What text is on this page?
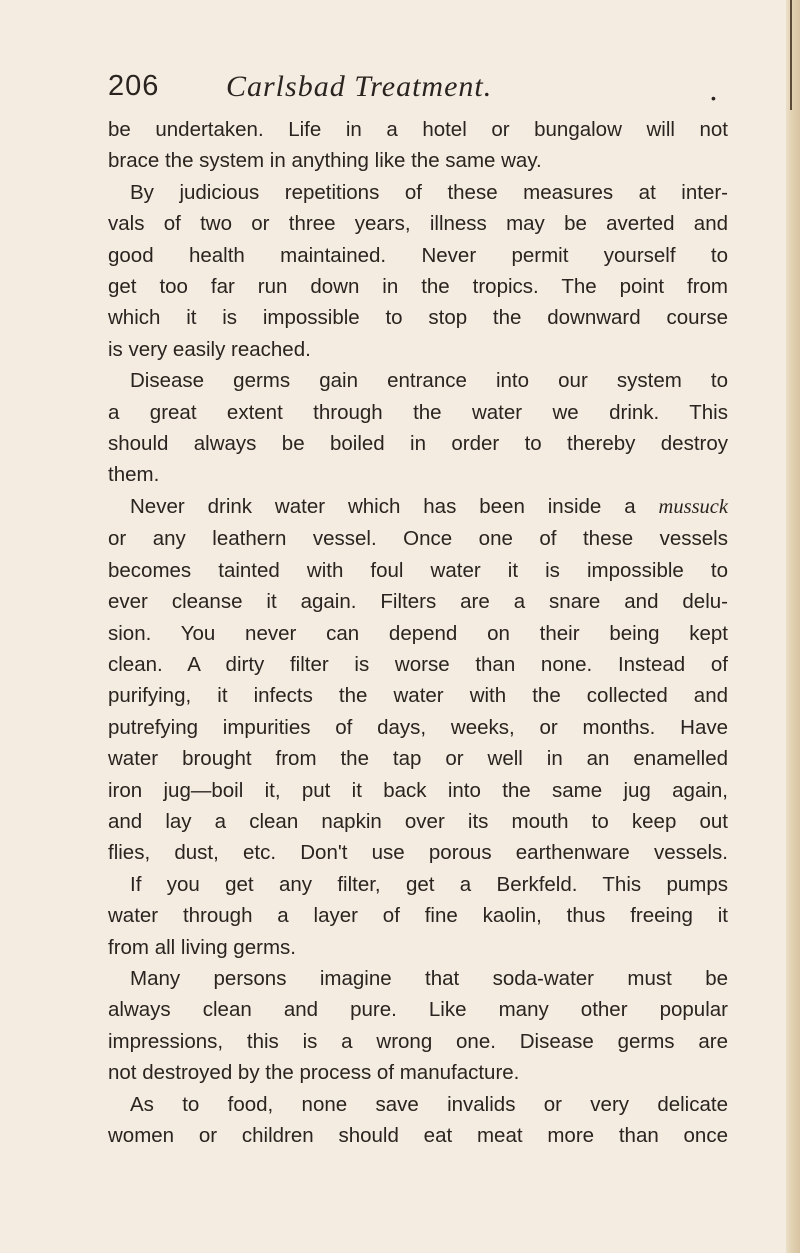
206 Carlsbad Treatment.	•
be undertaken. Life in a hotel or bungalow will not
brace the system in anything like the same way.
By judicious repetitions of these measures at inter-
vals of two or three years, illness may be averted and
good health maintained. Never permit yourself to
get too far run down in the tropics. The point from
which it is impossible to stop the downward course
is very easily reached.
Disease germs gain entrance into our system to
a great extent through the water we drink. This
should always be boiled in order to thereby destroy
them.
Never drink water which has been inside a mussuck
or any leathern vessel. Once one of these vessels
becomes tainted with foul water it is impossible to
ever cleanse it again. Filters are a snare and delu-
sion. You never can depend on their being kept
clean. A dirty filter is worse than none. Instead of
purifying, it infects the water with the collected and
putrefying impurities of days, weeks, or months. Have
water brought from the tap or well in an enamelled
iron jug—boil it, put it back into the same jug again,
and lay a clean napkin over its mouth to keep out
flies, dust, etc. Don't use porous earthenware vessels.
If you get any filter, get a Berkfeld. This pumps
water through a layer of fine kaolin, thus freeing it
from all living germs.
Many persons imagine that soda-water must be
always clean and pure. Like many other popular
impressions, this is a wrong one. Disease germs are
not destroyed by the process of manufacture.
As to food, none save invalids or very delicate
women or children should eat meat more than once
